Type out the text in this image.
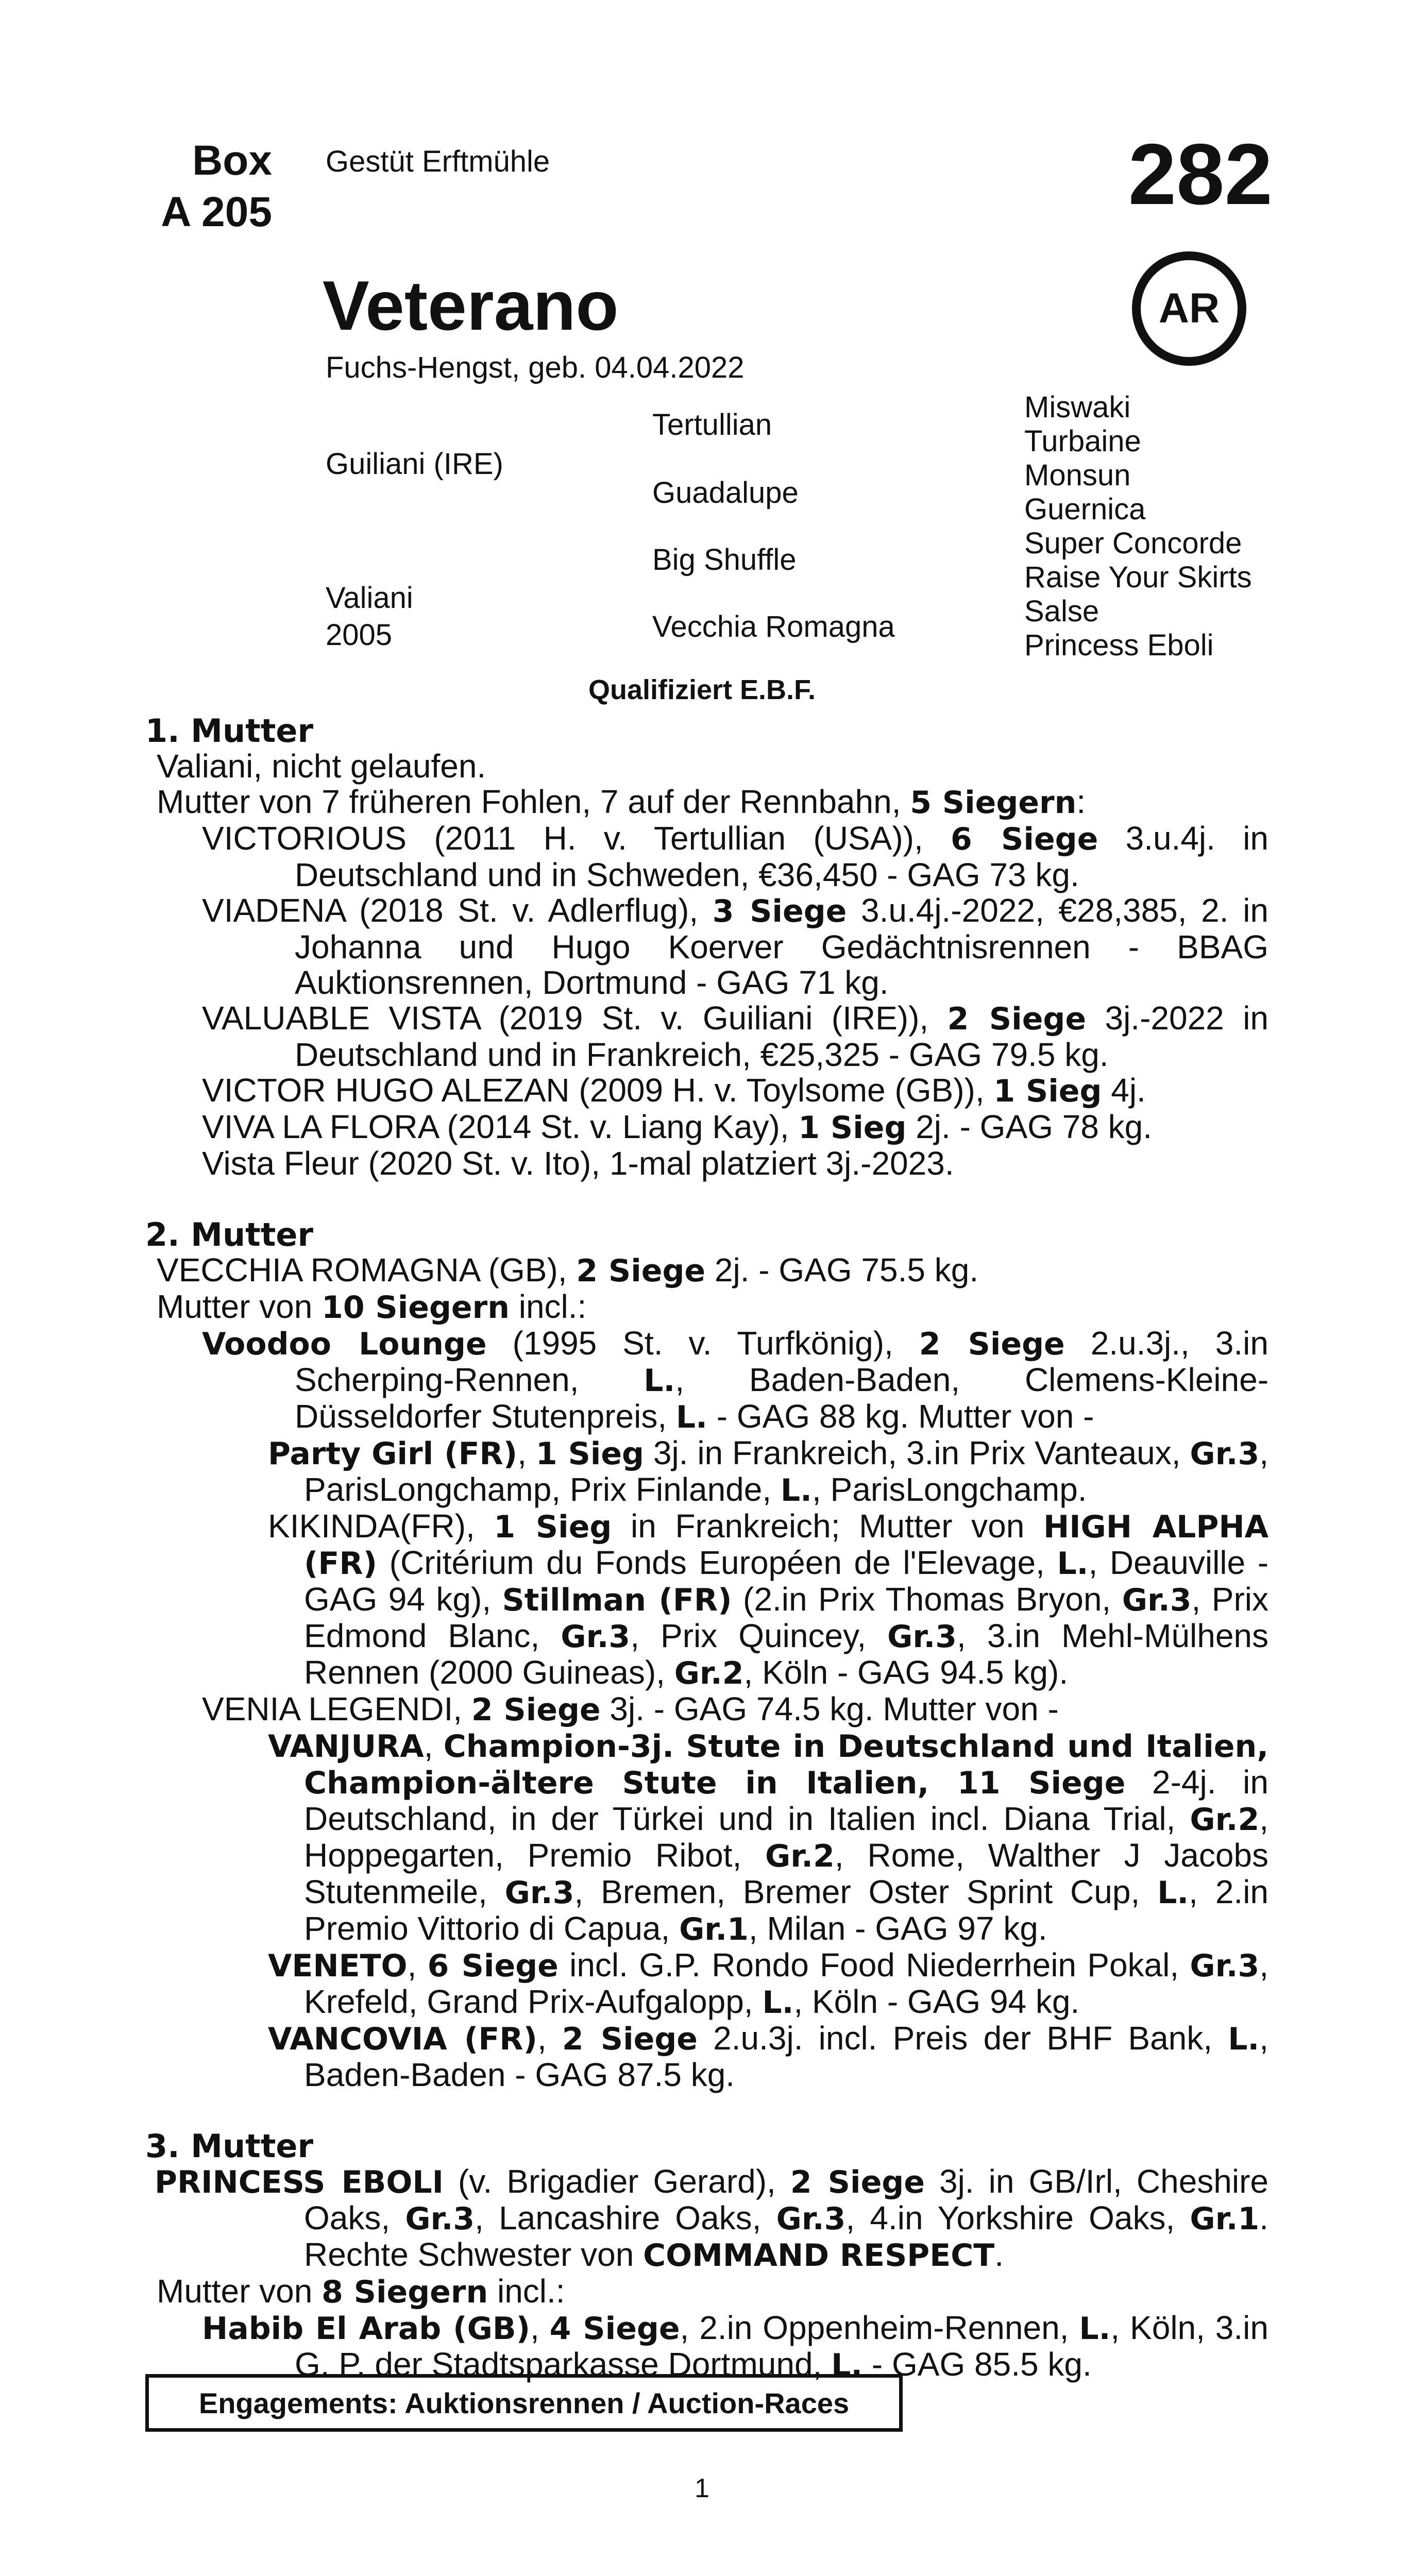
Box
A 205
Gestüt Erftmühle	282
AR
Veterano
Fuchs-Hengst, geb. 04.04.2022
Guiliani (IRE)
Valiani
2005
Tertullian
Guadalupe
Big Shuffle
Vecchia Romagna
Miswaki
Turbaine
Monsun
Guernica
Super Concorde
Raise Your Skirts
Salse
Princess Eboli
Qualifiziert E.B.F.
1. Mutter

Valiani, nicht gelaufen.

Mutter von 7 früheren Fohlen, 7 auf der Rennbahn, 5 Siegern:

VICTORIOUS (2011 H. v. Tertullian (USA)), 6 Siege 3.u.4j. in Deutschland und in Schweden, €36,450 - GAG 73 kg.

VIADENA (2018 St. v. Adlerflug), 3 Siege 3.u.4j.-2022, €28,385, 2. in Johanna und Hugo Koerver Gedächtnisrennen - BBAG Auktionsrennen, Dortmund - GAG 71 kg.

VALUABLE VISTA (2019 St. v. Guiliani (IRE)), 2 Siege 3j.-2022 in Deutschland und in Frankreich, €25,325 - GAG 79.5 kg.

VICTOR HUGO ALEZAN (2009 H. v. Toylsome (GB)), 1 Sieg 4j.

VIVA LA FLORA (2014 St. v. Liang Kay), 1 Sieg 2j. - GAG 78 kg.

Vista Fleur (2020 St. v. Ito), 1-mal platziert 3j.-2023.

2. Mutter

VECCHIA ROMAGNA (GB), 2 Siege 2j. - GAG 75.5 kg.

Mutter von 10 Siegern incl.:

Voodoo Lounge (1995 St. v. Turfkönig), 2 Siege 2.u.3j., 3.in Scherping-Rennen, L., Baden-Baden, Clemens-Kleine-Düsseldorfer Stutenpreis, L. - GAG 88 kg. Mutter von -

Party Girl (FR), 1 Sieg 3j. in Frankreich, 3.in Prix Vanteaux, Gr.3, ParisLongchamp, Prix Finlande, L., ParisLongchamp.

KIKINDA(FR), 1 Sieg in Frankreich; Mutter von HIGH ALPHA (FR) (Critérium du Fonds Européen de l'Elevage, L., Deauville - GAG 94 kg), Stillman (FR) (2.in Prix Thomas Bryon, Gr.3, Prix Edmond Blanc, Gr.3, Prix Quincey, Gr.3, 3.in Mehl-Mülhens Rennen (2000 Guineas), Gr.2, Köln - GAG 94.5 kg).

VENIA LEGENDI, 2 Siege 3j. - GAG 74.5 kg. Mutter von -

VANJURA, Champion-3j. Stute in Deutschland und Italien, Champion-ältere Stute in Italien, 11 Siege 2-4j. in Deutschland, in der Türkei und in Italien incl. Diana Trial, Gr.2, Hoppegarten, Premio Ribot, Gr.2, Rome, Walther J Jacobs Stutenmeile, Gr.3, Bremen, Bremer Oster Sprint Cup, L., 2.in Premio Vittorio di Capua, Gr.1, Milan - GAG 97 kg.

VENETO, 6 Siege incl. G.P. Rondo Food Niederrhein Pokal, Gr.3, Krefeld, Grand Prix-Aufgalopp, L., Köln - GAG 94 kg.

VANCOVIA (FR), 2 Siege 2.u.3j. incl. Preis der BHF Bank, L., Baden-Baden - GAG 87.5 kg.

3. Mutter

PRINCESS EBOLI (v. Brigadier Gerard), 2 Siege 3j. in GB/Irl, Cheshire Oaks, Gr.3, Lancashire Oaks, Gr.3, 4.in Yorkshire Oaks, Gr.1. Rechte Schwester von COMMAND RESPECT.

Mutter von 8 Siegern incl.:

Habib El Arab (GB), 4 Siege, 2.in Oppenheim-Rennen, L., Köln, 3.in G. P. der Stadtsparkasse Dortmund, L. - GAG 85.5 kg.

Engagements: Auktionsrennen / Auction-Races
1
